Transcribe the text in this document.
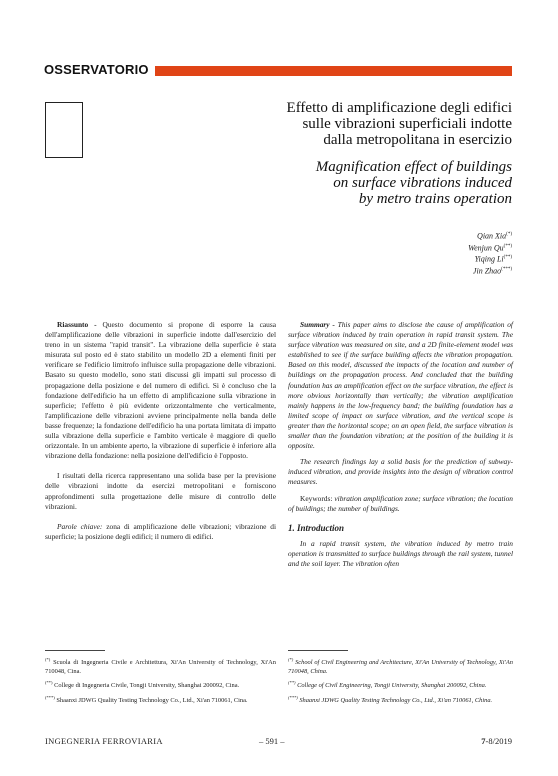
OSSERVATORIO
Effetto di amplificazione degli edifici
sulle vibrazioni superficiali indotte
dalla metropolitana in esercizio
Magnification effect of buildings
on surface vibrations induced
by metro trains operation
Qian Xia(*)
Wenjun Qu(**)
Yiqing Li(**)
Jin Zhao(***)

Riassunto - Questo documento si propone di esporre la causa dell'amplificazione delle vibrazioni in superficie indotte dall'esercizio del treno in un sistema "rapid transit". La vibrazione della superficie è stata misurata sul posto ed è stato stabilito un modello 2D a elementi finiti per verificare se l'edificio limitrofo influisce sulla propagazione delle vibrazioni. Basato su questo modello, sono stati discussi gli impatti sul processo di propagazione della posizione e del numero di edifici. Si è concluso che la fondazione dell'edificio ha un effetto di amplificazione sulla vibrazione in superficie; l'effetto è più evidente orizzontalmente che verticalmente, l'amplificazione delle vibrazioni avviene principalmente nella banda delle basse frequenze; la fondazione dell'edificio ha una portata limitata di impatto sulla vibrazione della superficie e l'ambito verticale è maggiore di quello orizzontale. In un ambiente aperto, la vibrazione di superficie è inferiore alla vibrazione della fondazione: nella posizione dell'edificio è l'opposto.

I risultati della ricerca rappresentano una solida base per la previsione delle vibrazioni indotte da esercizi metropolitani e forniscono approfondimenti sulla progettazione delle misure di controllo delle vibrazioni.

Parole chiave: zona di amplificazione delle vibrazioni; vibrazione di superficie; la posizione degli edifici; il numero di edifici.

Summary - This paper aims to disclose the cause of amplification of surface vibration induced by train operation in rapid transit system. The surface vibration was measured on site, and a 2D finite-element model was established to see if the surface building affects the vibration propagation. Based on this model, discussed the impacts of the location and number of buildings on the propagation process. And concluded that the building foundation has an amplification effect on the surface vibration, the effect is more obvious horizontally than vertically; the vibration amplification mainly happens in the low-frequency band; the building foundation has a limited scope of impact on surface vibration, and the vertical scope is greater than the horizontal scope; on an open field, the surface vibration is smaller than the foundation vibration; at the position of the building it is opposite.

The research findings lay a solid basis for the prediction of subway-induced vibration, and provide insights into the design of vibration control measures.

Keywords: vibration amplification zone; surface vibration; the location of buildings; the number of buildings.

1. Introduction

In a rapid transit system, the vibration induced by metro train operation is transmitted to surface buildings through the rail system, tunnel and the soil layer. The vibration often

(*) Scuola di Ingegneria Civile e Architettura, Xi'An University of Technology, Xi'An 710048, Cina.

(**) College di Ingegneria Civile, Tongji University, Shanghai 200092, Cina.

(***) Shaanxi JDWG Quality Testing Technology Co., Ltd., Xi'an 710061, Cina.

(*) School of Civil Engineering and Architecture, Xi'An University of Technology, Xi'An 710048, China.

(**) College of Civil Engineering, Tongji University, Shanghai 200092, China.

(***) Shaanxi JDWG Quality Testing Technology Co., Ltd., Xi'an 710061, China.

INGEGNERIA FERROVIARIA	– 591 –	7-8/2019
